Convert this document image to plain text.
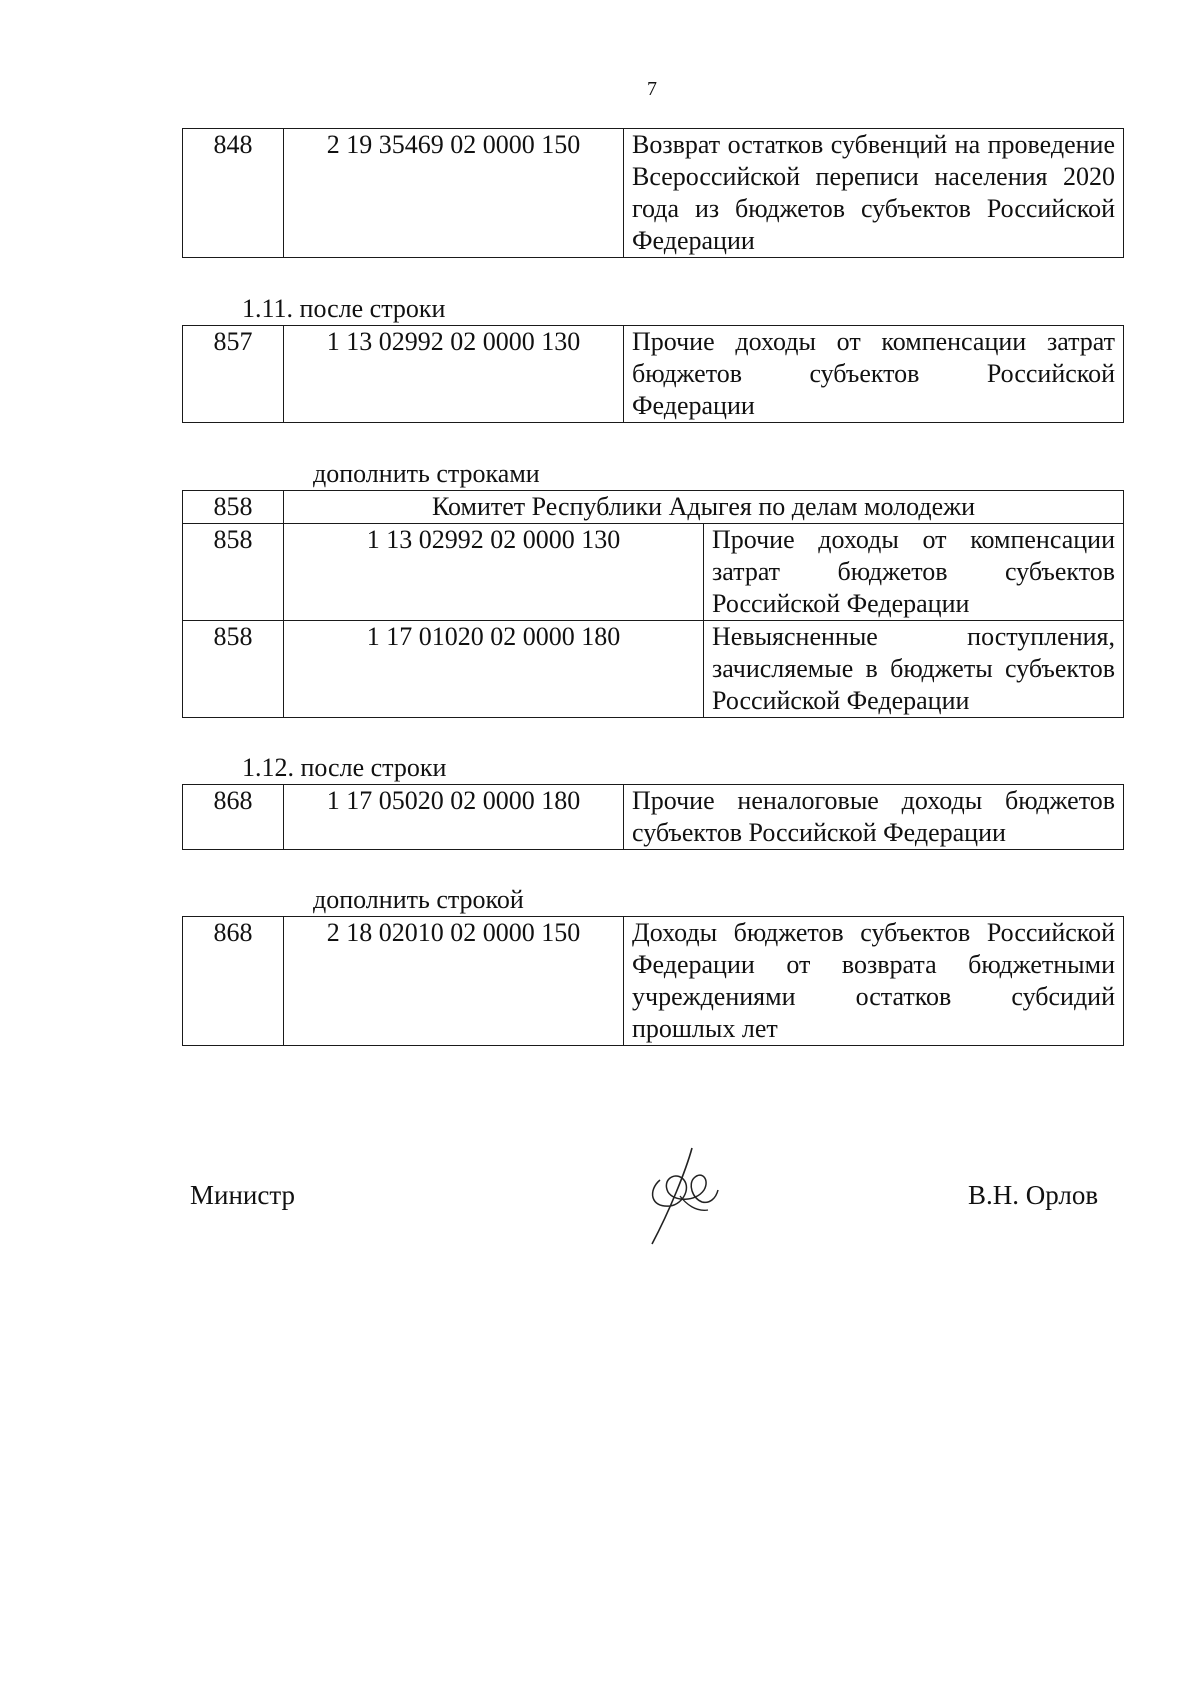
7
848	2 19 35469 02 0000 150	Возврат остатков субвенций на проведение Всероссийской переписи населения 2020 года из бюджетов субъектов Российской Федерации
1.11. после строки
857	1 13 02992 02 0000 130	Прочие доходы от компенсации затрат бюджетов субъектов Российской Федерации
дополнить строками
858	Комитет Республики Адыгея по делам молодежи	
858	1 13 02992 02 0000 130	Прочие доходы от компенсации затрат бюджетов субъектов Российской Федерации
858	1 17 01020 02 0000 180	Невыясненные поступления, зачисляемые в бюджеты субъектов Российской Федерации
1.12. после строки
868	1 17 05020 02 0000 180	Прочие неналоговые доходы бюджетов субъектов Российской Федерации
дополнить строкой
868	2 18 02010 02 0000 150	Доходы бюджетов субъектов Российской Федерации от возврата бюджетными учреждениями остатков субсидий прошлых лет
Министр	В.Н. Орлов
